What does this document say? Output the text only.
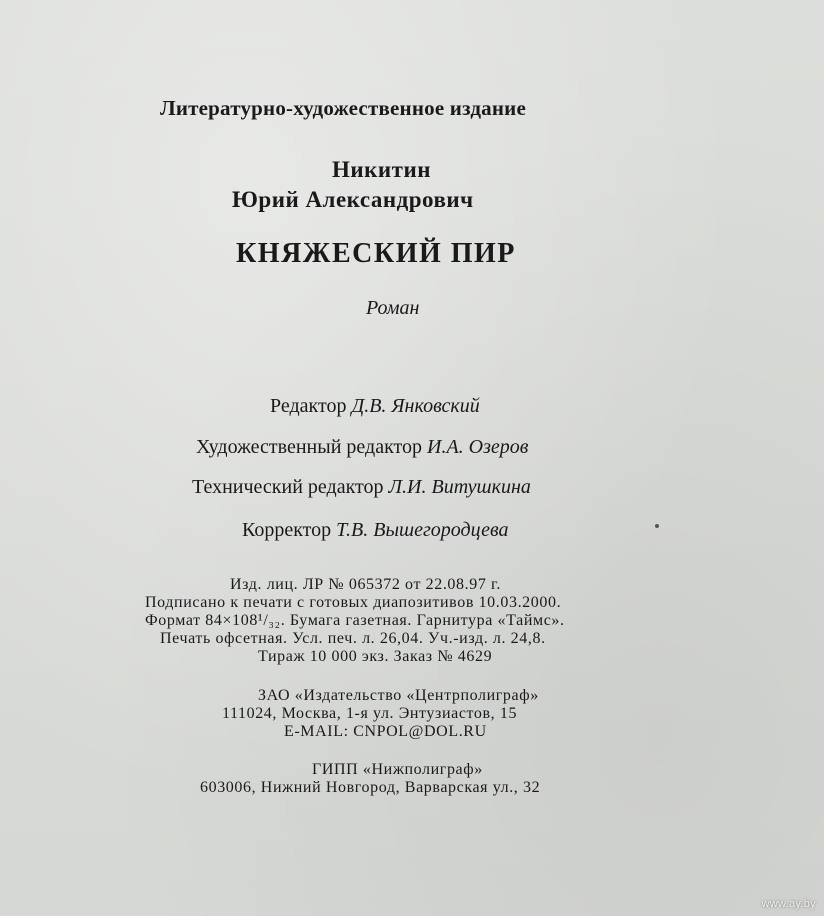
Литературно-художественное издание
Никитин
Юрий Александрович
КНЯЖЕСКИЙ ПИР
Роман
Редактор Д.В. Янковский
Художественный редактор И.А. Озеров
Технический редактор Л.И. Витушкина
Корректор Т.В. Вышегородцева
Изд. лиц. ЛР № 065372 от 22.08.97 г.
Подписано к печати с готовых диапозитивов 10.03.2000.
Формат 84×108¹/₃₂. Бумага газетная. Гарнитура «Таймс».
Печать офсетная. Усл. печ. л. 26,04. Уч.-изд. л. 24,8.
Тираж 10 000 экз. Заказ № 4629
ЗАО «Издательство «Центрполиграф»
111024, Москва, 1-я ул. Энтузиастов, 15
E-MAIL: CNPOL@DOL.RU
ГИПП «Нижполиграф»
603006, Нижний Новгород, Варварская ул., 32
www.ay.by
